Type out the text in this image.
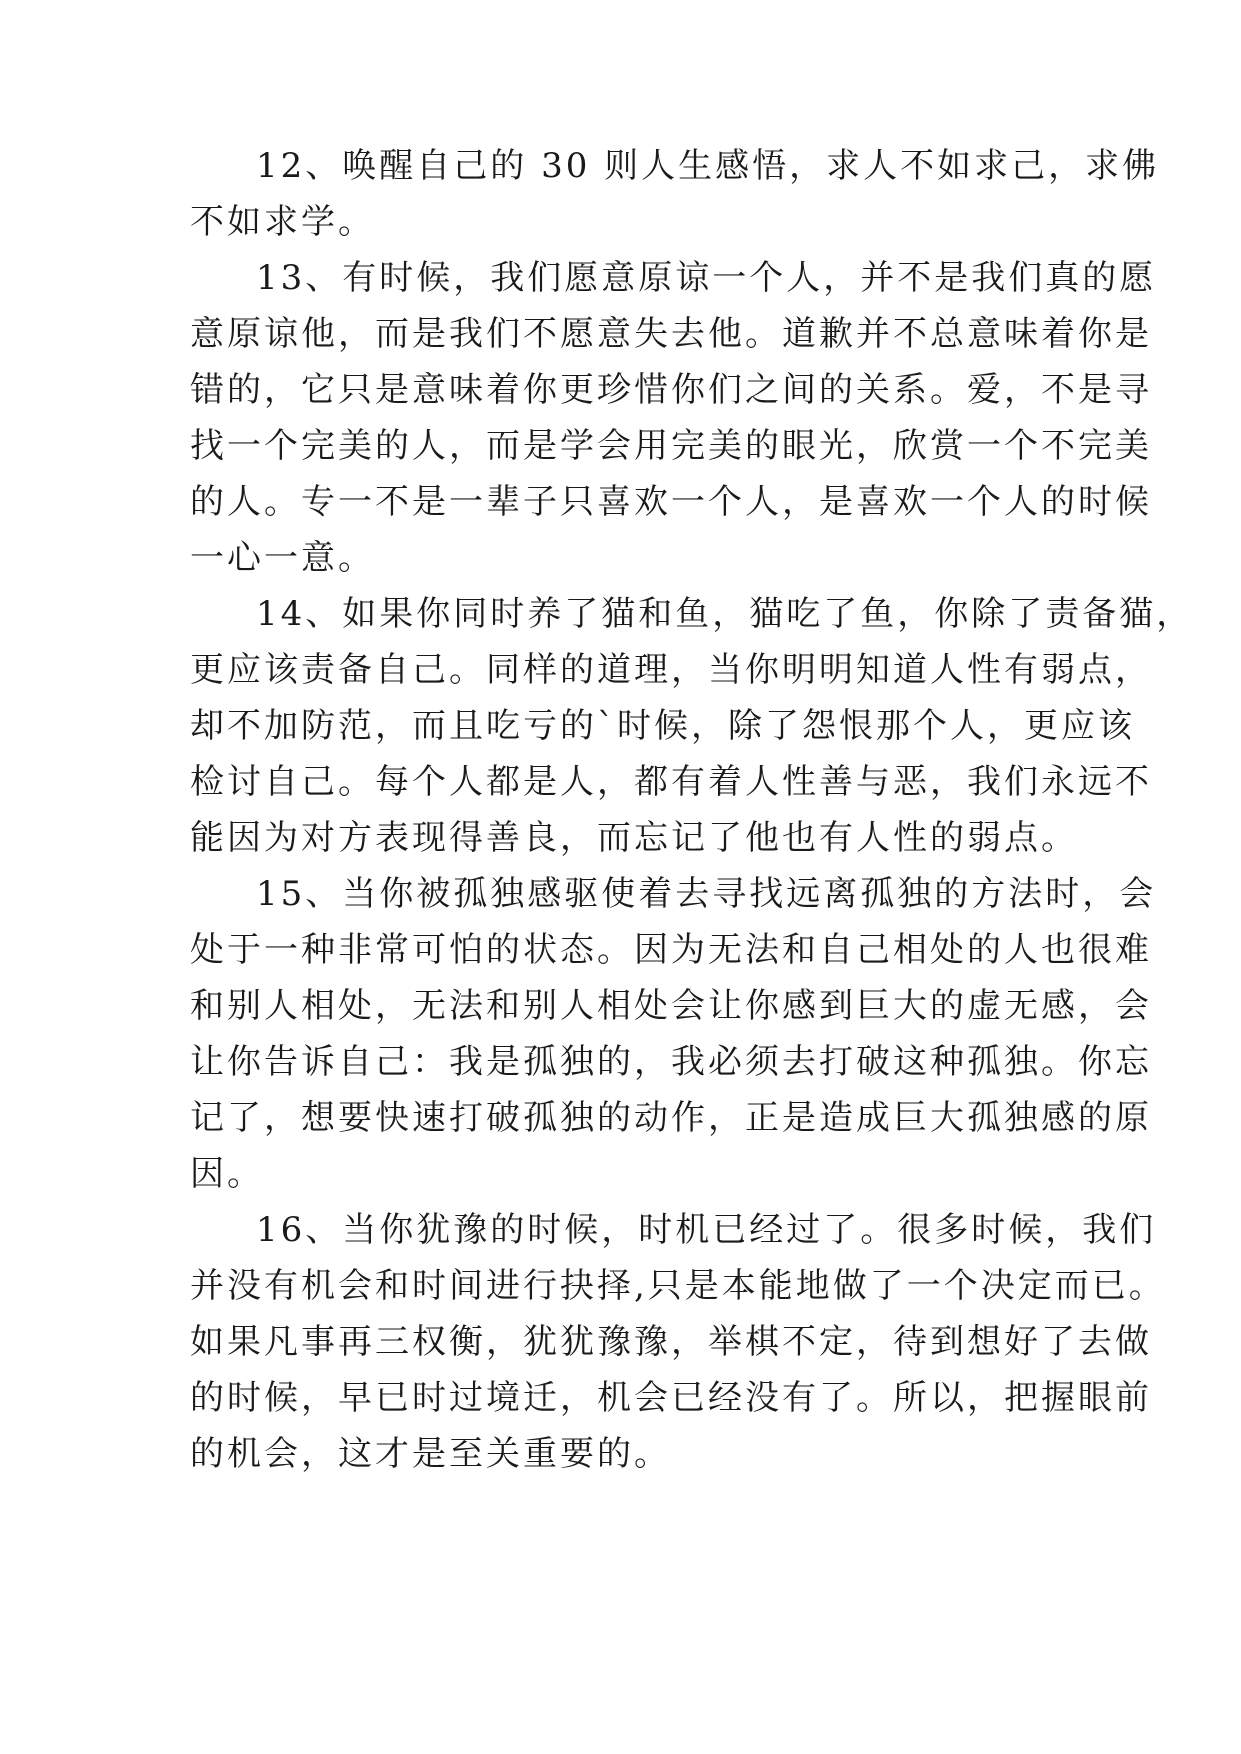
12、唤醒自己的 30 则人生感悟，求人不如求己，求佛
不如求学。
13、有时候，我们愿意原谅一个人，并不是我们真的愿
意原谅他，而是我们不愿意失去他。道歉并不总意味着你是
错的，它只是意味着你更珍惜你们之间的关系。爱，不是寻
找一个完美的人，而是学会用完美的眼光，欣赏一个不完美
的人。专一不是一辈子只喜欢一个人，是喜欢一个人的时候
一心一意。
14、如果你同时养了猫和鱼，猫吃了鱼，你除了责备猫，
更应该责备自己。同样的道理，当你明明知道人性有弱点，
却不加防范，而且吃亏的`时候，除了怨恨那个人，更应该
检讨自己。每个人都是人，都有着人性善与恶，我们永远不
能因为对方表现得善良，而忘记了他也有人性的弱点。
15、当你被孤独感驱使着去寻找远离孤独的方法时，会
处于一种非常可怕的状态。因为无法和自己相处的人也很难
和别人相处，无法和别人相处会让你感到巨大的虚无感，会
让你告诉自己：我是孤独的，我必须去打破这种孤独。你忘
记了，想要快速打破孤独的动作，正是造成巨大孤独感的原
因。
16、当你犹豫的时候，时机已经过了。很多时候，我们
并没有机会和时间进行抉择,只是本能地做了一个决定而已。
如果凡事再三权衡，犹犹豫豫，举棋不定，待到想好了去做
的时候，早已时过境迁，机会已经没有了。所以，把握眼前
的机会，这才是至关重要的。
